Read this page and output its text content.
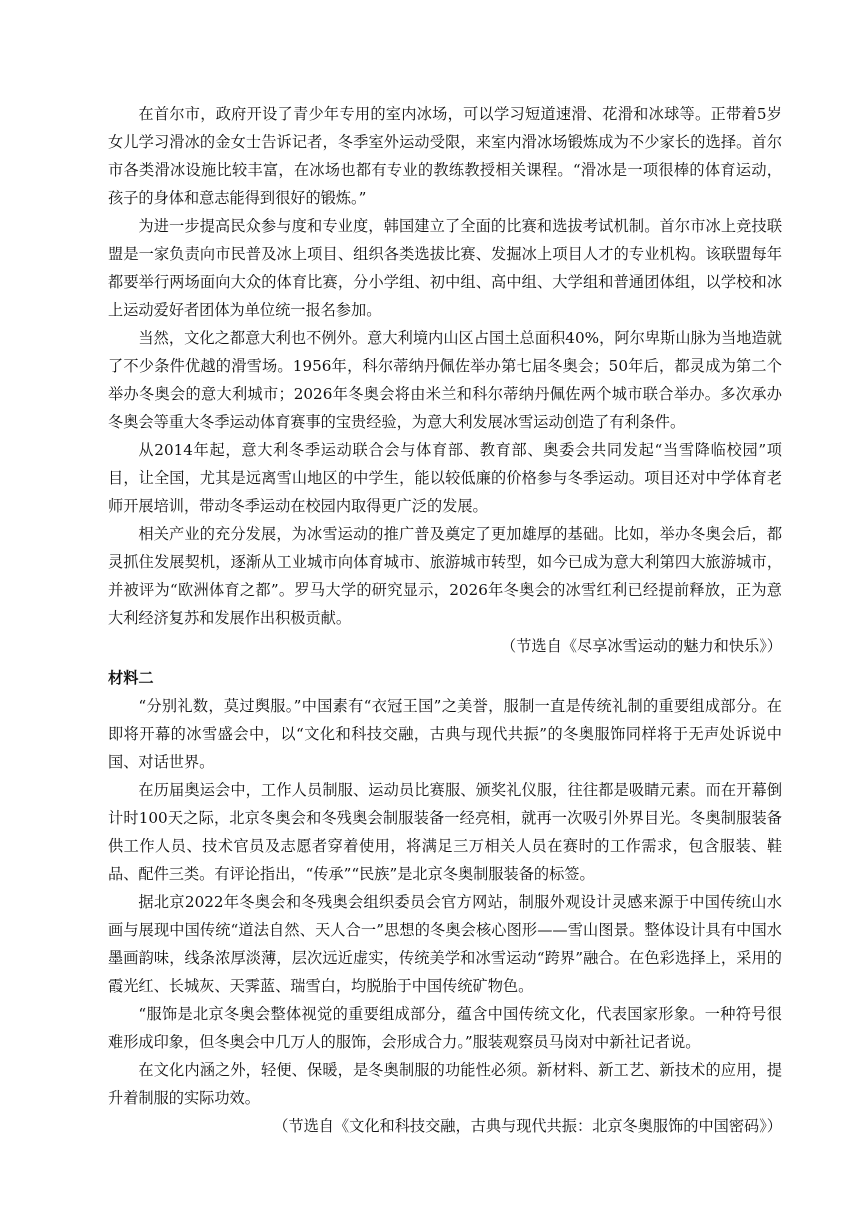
在首尔市，政府开设了青少年专用的室内冰场，可以学习短道速滑、花滑和冰球等。正带着5岁女儿学习滑冰的金女士告诉记者，冬季室外运动受限，来室内滑冰场锻炼成为不少家长的选择。首尔市各类滑冰设施比较丰富，在冰场也都有专业的教练教授相关课程。“滑冰是一项很棒的体育运动，孩子的身体和意志能得到很好的锻炼。”

为进一步提高民众参与度和专业度，韩国建立了全面的比赛和选拔考试机制。首尔市冰上竞技联盟是一家负责向市民普及冰上项目、组织各类选拔比赛、发掘冰上项目人才的专业机构。该联盟每年都要举行两场面向大众的体育比赛，分小学组、初中组、高中组、大学组和普通团体组，以学校和冰上运动爱好者团体为单位统一报名参加。

当然，文化之都意大利也不例外。意大利境内山区占国土总面积40%，阿尔卑斯山脉为当地造就了不少条件优越的滑雪场。1956年，科尔蒂纳丹佩佐举办第七届冬奥会；50年后，都灵成为第二个举办冬奥会的意大利城市；2026年冬奥会将由米兰和科尔蒂纳丹佩佐两个城市联合举办。多次承办冬奥会等重大冬季运动体育赛事的宝贵经验，为意大利发展冰雪运动创造了有利条件。

从2014年起，意大利冬季运动联合会与体育部、教育部、奥委会共同发起“当雪降临校园”项目，让全国，尤其是远离雪山地区的中学生，能以较低廉的价格参与冬季运动。项目还对中学体育老师开展培训，带动冬季运动在校园内取得更广泛的发展。

相关产业的充分发展，为冰雪运动的推广普及奠定了更加雄厚的基础。比如，举办冬奥会后，都灵抓住发展契机，逐渐从工业城市向体育城市、旅游城市转型，如今已成为意大利第四大旅游城市，并被评为“欧洲体育之都”。罗马大学的研究显示，2026年冬奥会的冰雪红利已经提前释放，正为意大利经济复苏和发展作出积极贡献。

（节选自《尽享冰雪运动的魅力和快乐》）

材料二

“分别礼数，莫过舆服。”中国素有“衣冠王国”之美誉，服制一直是传统礼制的重要组成部分。在即将开幕的冰雪盛会中，以“文化和科技交融，古典与现代共振”的冬奥服饰同样将于无声处诉说中国、对话世界。

在历届奥运会中，工作人员制服、运动员比赛服、颁奖礼仪服，往往都是吸睛元素。而在开幕倒计时100天之际，北京冬奥会和冬残奥会制服装备一经亮相，就再一次吸引外界目光。冬奥制服装备供工作人员、技术官员及志愿者穿着使用，将满足三万相关人员在赛时的工作需求，包含服装、鞋品、配件三类。有评论指出，“传承”“民族”是北京冬奥制服装备的标签。

据北京2022年冬奥会和冬残奥会组织委员会官方网站，制服外观设计灵感来源于中国传统山水画与展现中国传统“道法自然、天人合一”思想的冬奥会核心图形——雪山图景。整体设计具有中国水墨画韵味，线条浓厚淡薄，层次远近虚实，传统美学和冰雪运动“跨界”融合。在色彩选择上，采用的霞光红、长城灰、天霁蓝、瑞雪白，均脱胎于中国传统矿物色。

“服饰是北京冬奥会整体视觉的重要组成部分，蕴含中国传统文化，代表国家形象。一种符号很难形成印象，但冬奥会中几万人的服饰，会形成合力。”服装观察员马岗对中新社记者说。

在文化内涵之外，轻便、保暖，是冬奥制服的功能性必须。新材料、新工艺、新技术的应用，提升着制服的实际功效。

（节选自《文化和科技交融，古典与现代共振：北京冬奥服饰的中国密码》）
